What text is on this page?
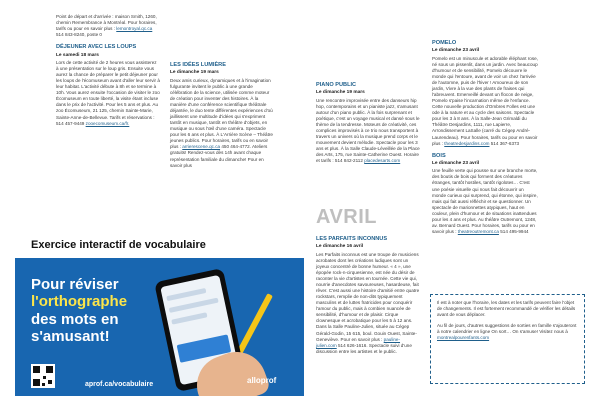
Point de départ et d'arrivée : maison Smith, 1260, chemin Remembrance à Montréal. Pour horaires, tarifs ou pour en savoir plus : lemontroyal.qc.ca 514 843-8240, poste 0
DÉJEUNER AVEC LES LOUPS
Le samedi 18 mars
Lors de cette activité de 2 heures vous assisterez à une présentation sur le loup gris. Ensuite vous aurez la chance de préparer le petit déjeuner pour les loups de l'écomuseum avant d'aller leur servir à leur habitat. L'activité débute à 8h et se termine à 10h. Vous aurez ensuite l'occasion de visiter le zoo Écomuseum en toute liberté, la visite étant incluse dans le prix de l'activité. Pour les 5 ans et plus. Au zoo Écomuseum, 21 125, chemin Sainte-Marie, Sainte-Anne-de-Bellevue. Tarifs et réservations : 514 457-9449 zooecomuseum.ca/fr.
LES IDÉES LUMIÈRE
Le dimanche 19 mars
Deux amis curieux, dynamiques et à l'imagination fulgurante invitent le public à une grande célébration de la science, utilisée comme moteur de création pour inventer des histoires. À la manière d'une conférence scientifique théâtrale déjantée, le duo tente différentes expériences d'où jaillissent une multitude d'idées qui s'expriment tantôt en musique, tantôt en théâtre d'objets, en musique ou sous l'œil d'une caméra. Spectacle pour les 6 ans et plus. À L'Arrière Scène – Théâtre jeunes publics. Pour horaires, tarifs ou en savoir plus : arrierescene.qc.ca 450 464-4772. Ateliers gratuits! Rendez-vous dès 14h avant chaque représentation familiale du dimanche! Pour en savoir plus
PIANO PUBLIC
Le dimanche 19 mars
Une rencontre improvisée entre des danseurs hip hop, contemporains et un pianiste jazz, s'amusant autour d'un piano public. À la fois surprenant et poétique, c'est un voyage musical et dansé sous le thème de la tendresse. Moteurs de créativité, ces complices improvisés à ce trio nous transportent à travers un univers où la musique prend corps et le mouvement devient mélodie. Spectacle pour les 3 ans et plus. À la Salle Claude-Léveillée de la Place des Arts, 175, rue Sainte-Catherine Ouest. Horaire et tarifs : 514 842-2112 placedesarts.com
AVRIL
LES PARFAITS INCONNUS
Le dimanche 16 avril
Les Parfaits inconnus est une troupe de musiciens acrobates dont les créations ludiques sont un joyeux concentré de bonne humeur. « 4 », une épopée rock-n-cirquesienne, est née du désir de raconter la vie d'artistes en tournée. Cette vie qui, nourrie d'anecdotes savoureuses, hasardeuse, fait rêver. C'est aussi une histoire d'amitié entre quatre rockstars, remplie de non-dits typiquement masculins et de luttes fratricides pour conquérir l'amour du public, mais à combien nuancée de sensibilité, d'humour et de plaisir. Cirque clownesque et acrobatique pour les 5 à 12 ans. Dans la Salle Pauline-Julien, située au Cégep Gérald-Godin, 15 615, boul. Gouin Ouest, Sainte-Geneviève. Pour en savoir plus : pauline-julien.com 514 626-1616. Spectacle suivi d'une discussion entre les artistes et le public.
POMELO
Le dimanche 23 avril
Pomelo est un minuscule et adorable éléphant rose, né sous un pissenlit, dans un jardin. Avec beaucoup d'humour et de sensibilité, Pomelo découvre le monde qui l'entoure, avant de voir un chez l'arrivée de l'automne, puis de l'hiver ! Amoureux de son jardin, Vivre à la vue des plants de fraises qui l'abreuvent. Emerveillé devant un flocon de neige, Pomelo s'paise l'incarnation même de l'enfance. Cette nouvelle production d'Ombres Folles est une ode à la nature et au cycle des saisons. Spectacle pour les 3 à 8 ans. À la Salle-Jean Grimaldi du Théâtre Desjardins, 1111, rue Lapierre, Arrondissement LaSalle (carré du Cégep André-Laurendeau). Pour horaires, tarifs ou pour en savoir plus : theatredesjardins.com 514 367-6373
BOIS
Le dimanche 23 avril
Une feuille verte qui pousse sur une branche morte, des boutis de bois qui forment des créatures étranges, tantôt hostiles, tantôt rigolotes… C'est une poésie visuelle qui nous fait découvrir un monde curieux qui surprend, qui étonne, qui inspire, mais qui fait aussi réfléchir et se questionner. Un spectacle de marionnettes atypiques, haut en couleur, plein d'humour et de situations inattendues pour les 4 ans et plus. Au théâtre Outremont, 1248, av. Bernard Ouest. Pour horaires, tarifs ou pour en savoir plus : theatreoutremont.ca 514 495-9944

Il est à noter que l'horaire, les dates et les tarifs peuvent faire l'objet de changements. Il est fortement recommandé de vérifier les détails avant de vous déplacer.

Au fil de jours, d'autres suggestions de sorties en famille s'ajouteront à notre calendrier en ligne On sort… On s'amuse! Visitez nous à montrealpourenfants.com

Exercice interactif de vocabulaire
Pour réviser
l'orthographe
des mots en
s'amusant!
aprof.ca/vocabulaire	alloprof
